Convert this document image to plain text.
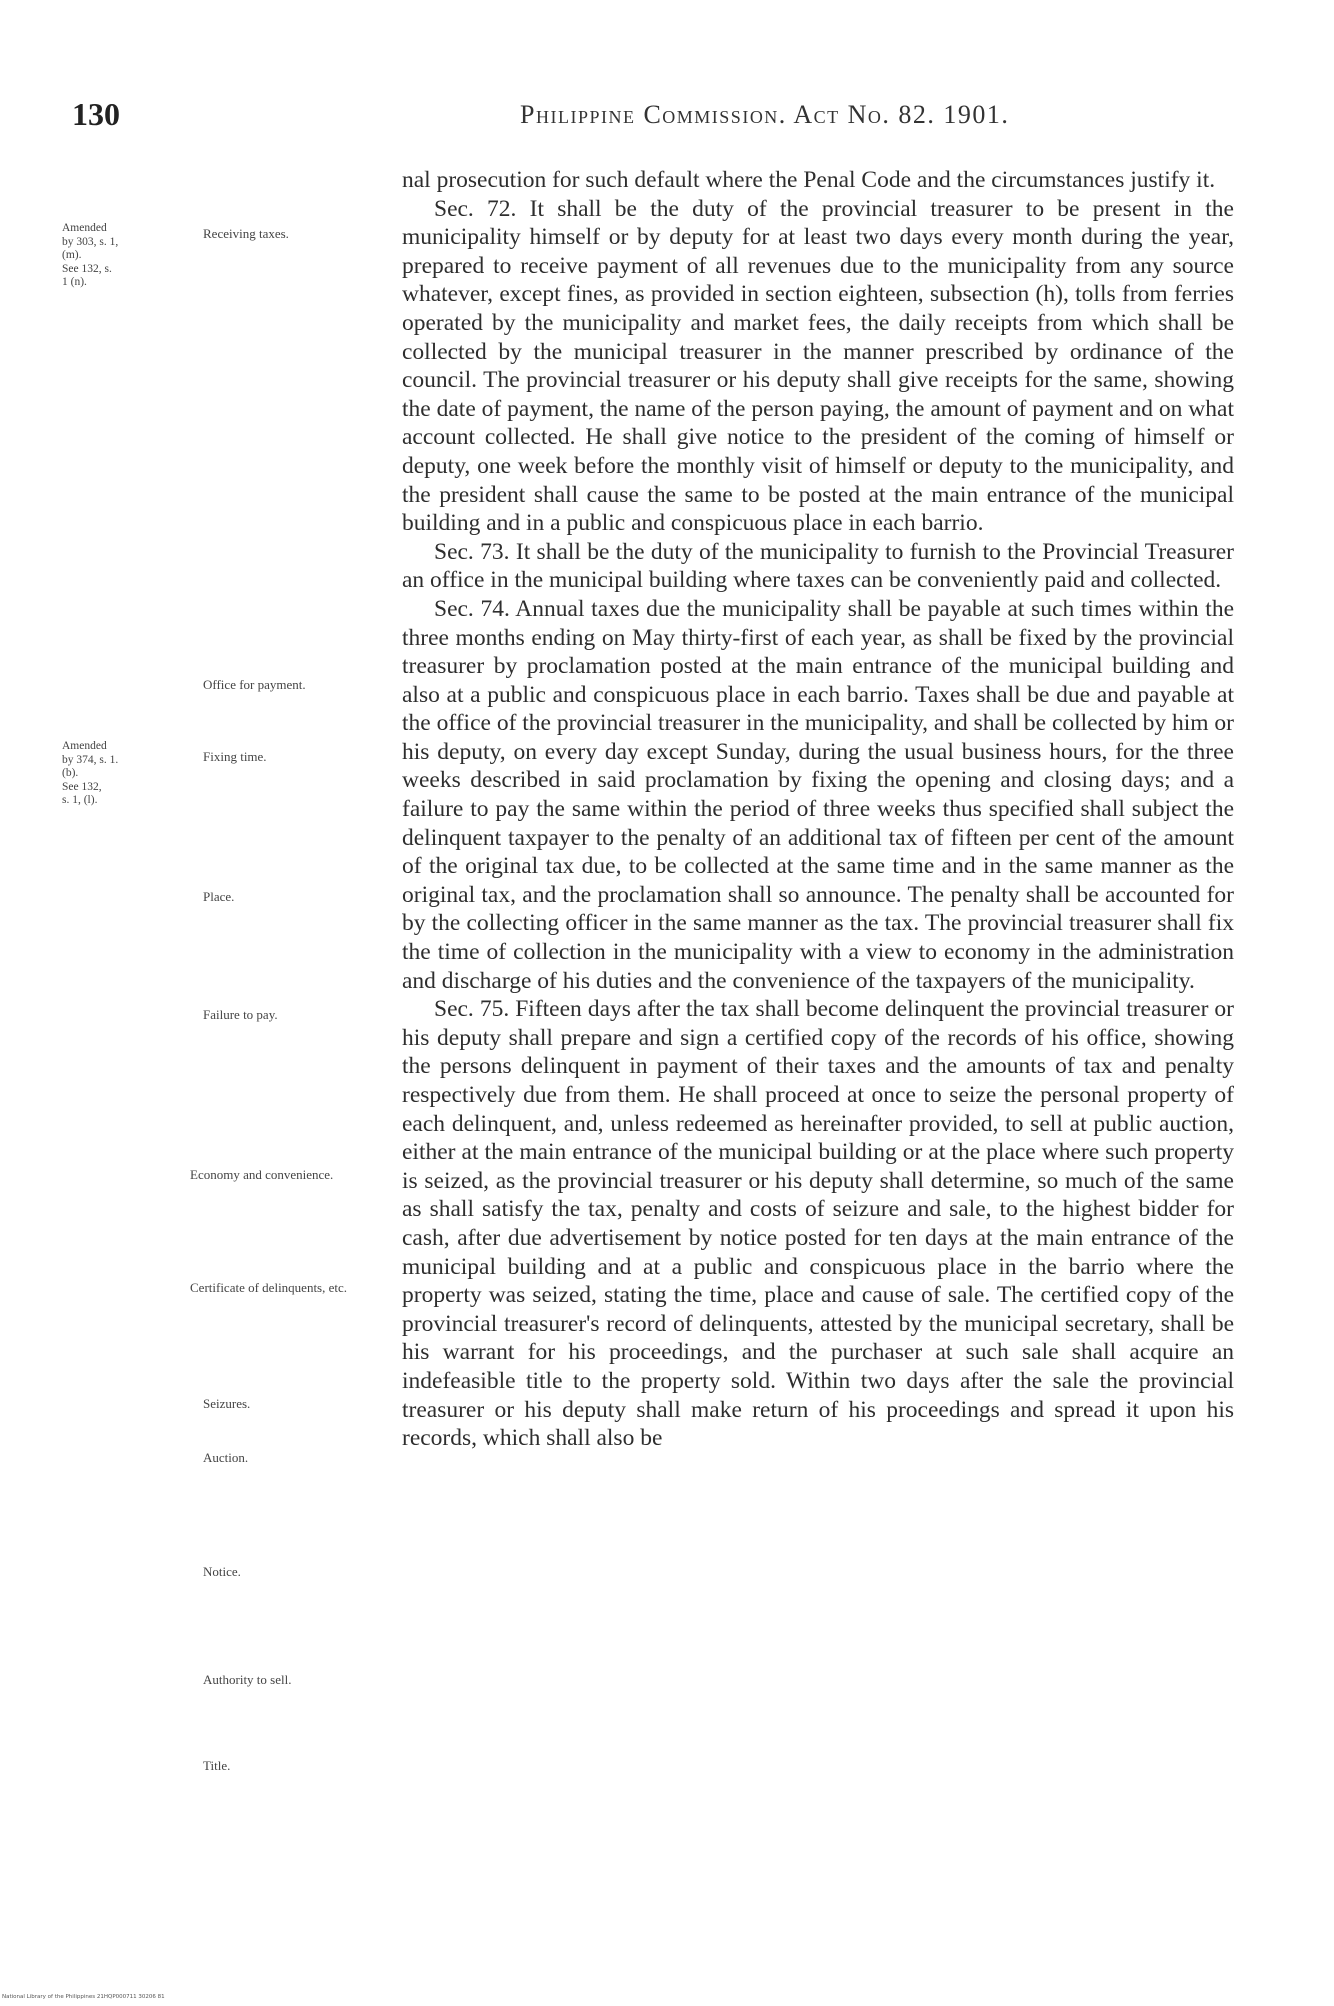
130	Philippine Commission. Act No. 82. 1901.
Amended
by 303, s. 1,
(m).
See 132, s.
1 (n).
Amended
by 374, s. 1.
(b).
See 132,
s. 1, (l).
Receiving taxes.
Office for payment.
Fixing time.
Place.
Failure to pay.
Economy and convenience.
Certificate of delinquents, etc.
Seizures.
Auction.
Notice.
Authority to sell.
Title.

nal prosecution for such default where the Penal Code and the circumstances justify it.

Sec. 72. It shall be the duty of the provincial treasurer to be present in the municipality himself or by deputy for at least two days every month during the year, prepared to receive payment of all revenues due to the municipality from any source whatever, except fines, as provided in section eighteen, subsection (h), tolls from ferries operated by the municipality and market fees, the daily receipts from which shall be collected by the municipal treasurer in the manner prescribed by ordinance of the council. The provincial treasurer or his deputy shall give receipts for the same, showing the date of payment, the name of the person paying, the amount of payment and on what account collected. He shall give notice to the president of the coming of himself or deputy, one week before the monthly visit of himself or deputy to the municipality, and the president shall cause the same to be posted at the main entrance of the municipal building and in a public and conspicuous place in each barrio.

Sec. 73. It shall be the duty of the municipality to furnish to the Provincial Treasurer an office in the municipal building where taxes can be conveniently paid and collected.

Sec. 74. Annual taxes due the municipality shall be payable at such times within the three months ending on May thirty-first of each year, as shall be fixed by the provincial treasurer by proclamation posted at the main entrance of the municipal building and also at a public and conspicuous place in each barrio. Taxes shall be due and payable at the office of the provincial treasurer in the municipality, and shall be collected by him or his deputy, on every day except Sunday, during the usual business hours, for the three weeks described in said proclamation by fixing the opening and closing days; and a failure to pay the same within the period of three weeks thus specified shall subject the delinquent taxpayer to the penalty of an additional tax of fifteen per cent of the amount of the original tax due, to be collected at the same time and in the same manner as the original tax, and the proclamation shall so announce. The penalty shall be accounted for by the collecting officer in the same manner as the tax. The provincial treasurer shall fix the time of collection in the municipality with a view to economy in the administration and discharge of his duties and the convenience of the taxpayers of the municipality.

Sec. 75. Fifteen days after the tax shall become delinquent the provincial treasurer or his deputy shall prepare and sign a certified copy of the records of his office, showing the persons delinquent in payment of their taxes and the amounts of tax and penalty respectively due from them. He shall proceed at once to seize the personal property of each delinquent, and, unless redeemed as hereinafter provided, to sell at public auction, either at the main entrance of the municipal building or at the place where such property is seized, as the provincial treasurer or his deputy shall determine, so much of the same as shall satisfy the tax, penalty and costs of seizure and sale, to the highest bidder for cash, after due advertisement by notice posted for ten days at the main entrance of the municipal building and at a public and conspicuous place in the barrio where the property was seized, stating the time, place and cause of sale. The certified copy of the provincial treasurer's record of delinquents, attested by the municipal secretary, shall be his warrant for his proceedings, and the purchaser at such sale shall acquire an indefeasible title to the property sold. Within two days after the sale the provincial treasurer or his deputy shall make return of his proceedings and spread it upon his records, which shall also be

National Library of the Philippines 21HQP000711 30206 81
